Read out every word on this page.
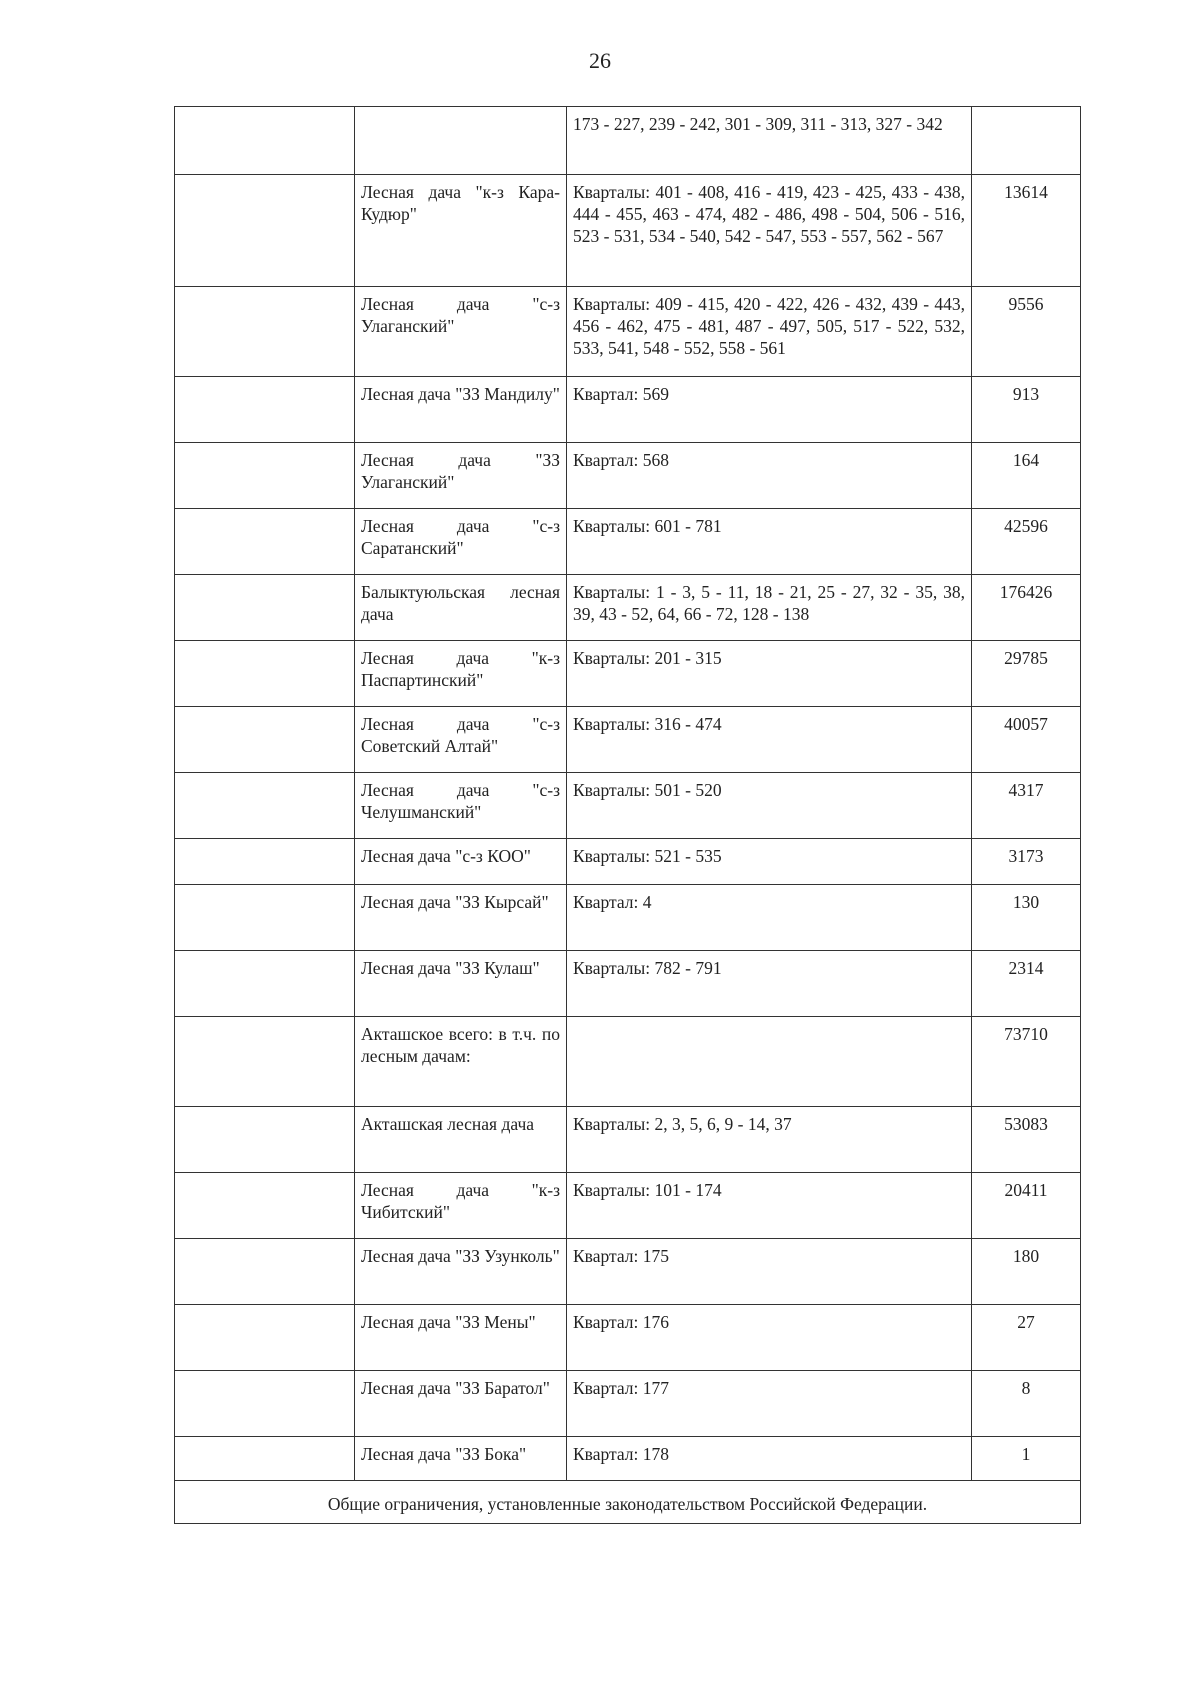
26
		173 - 227, 239 - 242, 301 - 309, 311 - 313, 327 - 342	
	Лесная дача "к-з Кара-Кудюр"	Кварталы: 401 - 408, 416 - 419, 423 - 425, 433 - 438, 444 - 455, 463 - 474, 482 - 486, 498 - 504, 506 - 516, 523 - 531, 534 - 540, 542 - 547, 553 - 557, 562 - 567	13614
	Лесная дача "с-з Улаганский"	Кварталы: 409 - 415, 420 - 422, 426 - 432, 439 - 443, 456 - 462, 475 - 481, 487 - 497, 505, 517 - 522, 532, 533, 541, 548 - 552, 558 - 561	9556
	Лесная дача "ЗЗ Мандилу"	Квартал: 569	913
	Лесная дача "ЗЗ Улаганский"	Квартал: 568	164
	Лесная дача "с-з Саратанский"	Кварталы: 601 - 781	42596
	Балыктуюльская лесная дача	Кварталы: 1 - 3, 5 - 11, 18 - 21, 25 - 27, 32 - 35, 38, 39, 43 - 52, 64, 66 - 72, 128 - 138	176426
	Лесная дача "к-з Паспартинский"	Кварталы: 201 - 315	29785
	Лесная дача "с-з Советский Алтай"	Кварталы: 316 - 474	40057
	Лесная дача "с-з Челушманский"	Кварталы: 501 - 520	4317
	Лесная дача "с-з КОО"	Кварталы: 521 - 535	3173
	Лесная дача "ЗЗ Кырсай"	Квартал: 4	130
	Лесная дача "ЗЗ Кулаш"	Кварталы: 782 - 791	2314
	Акташское всего: в т.ч. по лесным дачам:		73710
	Акташская лесная дача	Кварталы: 2, 3, 5, 6, 9 - 14, 37	53083
	Лесная дача "к-з Чибитский"	Кварталы: 101 - 174	20411
	Лесная дача "ЗЗ Узунколь"	Квартал: 175	180
	Лесная дача "ЗЗ Мены"	Квартал: 176	27
	Лесная дача "ЗЗ Баратол"	Квартал: 177	8
	Лесная дача "ЗЗ Бока"	Квартал: 178	1
Общие ограничения, установленные законодательством Российской Федерации.			
